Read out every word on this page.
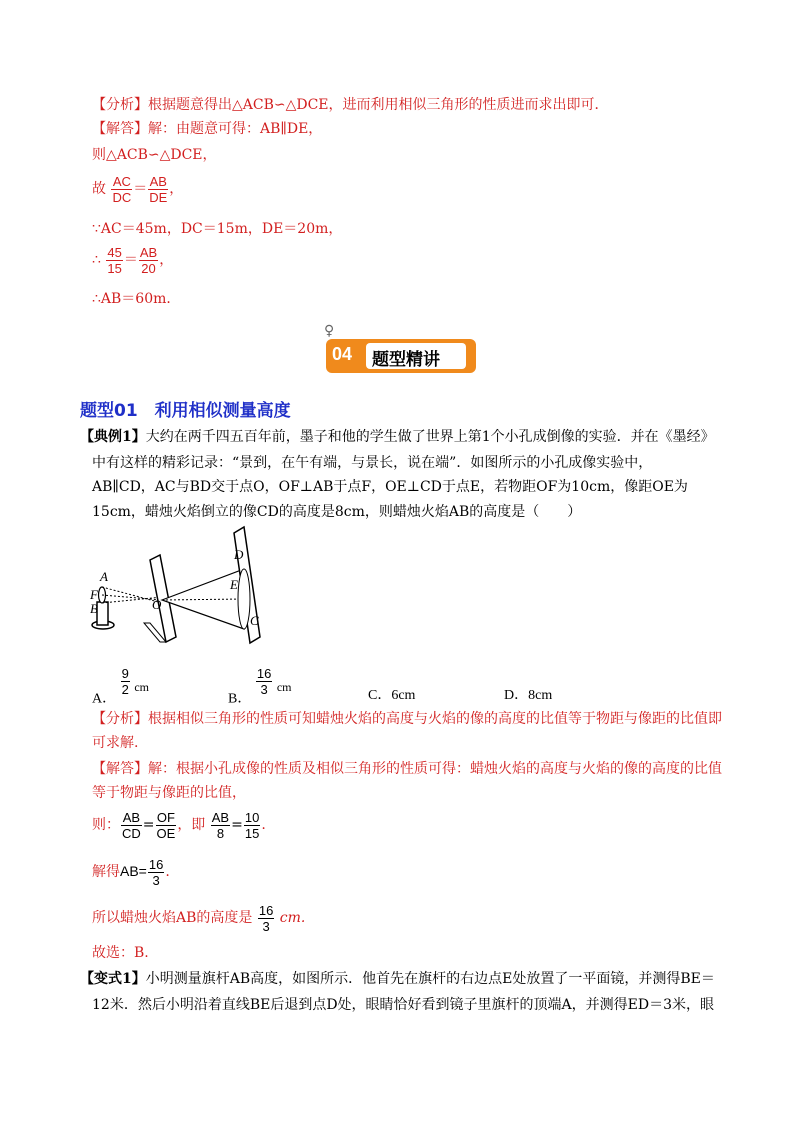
【分析】根据题意得出△ACB∽△DCE，进而利用相似三角形的性质进而求出即可．
【解答】解：由题意可得：AB∥DE，
则△ACB∽△DCE，
故 $\frac{AC}{DC} = \frac{AB}{DE}$ ，
∵AC＝45m，DC＝15m，DE＝20m，
∴ $\frac{45}{15} = \frac{AB}{20}$ ，
∴AB＝60m．
♀
04 题型精讲
题型01　利用相似测量高度
【典例1】大约在两千四五百年前，墨子和他的学生做了世界上第1个小孔成倒像的实验．并在《墨经》
中有这样的精彩记录：“景到，在午有端，与景长，说在端”．如图所示的小孔成像实验中，
AB∥CD，AC与BD交于点O，OF⊥AB于点F，OE⊥CD于点E，若物距OF为10cm，像距OE为
15cm，蜡烛火焰倒立的像CD的高度是8cm，则蜡烛火焰AB的高度是（　　）
A
F
B	O
D
E
C
A．
$\frac{9}{2}$ cm
B．
$\frac{16}{3}$ cm
C．6cm	D．8cm
【分析】根据相似三角形的性质可知蜡烛火焰的高度与火焰的像的高度的比值等于物距与像距的比值即
可求解.
【解答】解：根据小孔成像的性质及相似三角形的性质可得：蜡烛火焰的高度与火焰的像的高度的比值
等于物距与像距的比值，
则： $\frac{AB}{CD} = \frac{OF}{OE}$ ，即 $\frac{AB}{8} = \frac{10}{15}$ .
解得$AB= \frac{16}{3}$ .
所以蜡烛火焰AB的高度是 $\frac{16}{3}$ cm.
故选：B.
【变式1】小明测量旗杆AB高度，如图所示．他首先在旗杆的右边点E处放置了一平面镜，并测得BE＝
12米．然后小明沿着直线BE后退到点D处，眼睛恰好看到镜子里旗杆的顶端A，并测得ED＝3米，眼
